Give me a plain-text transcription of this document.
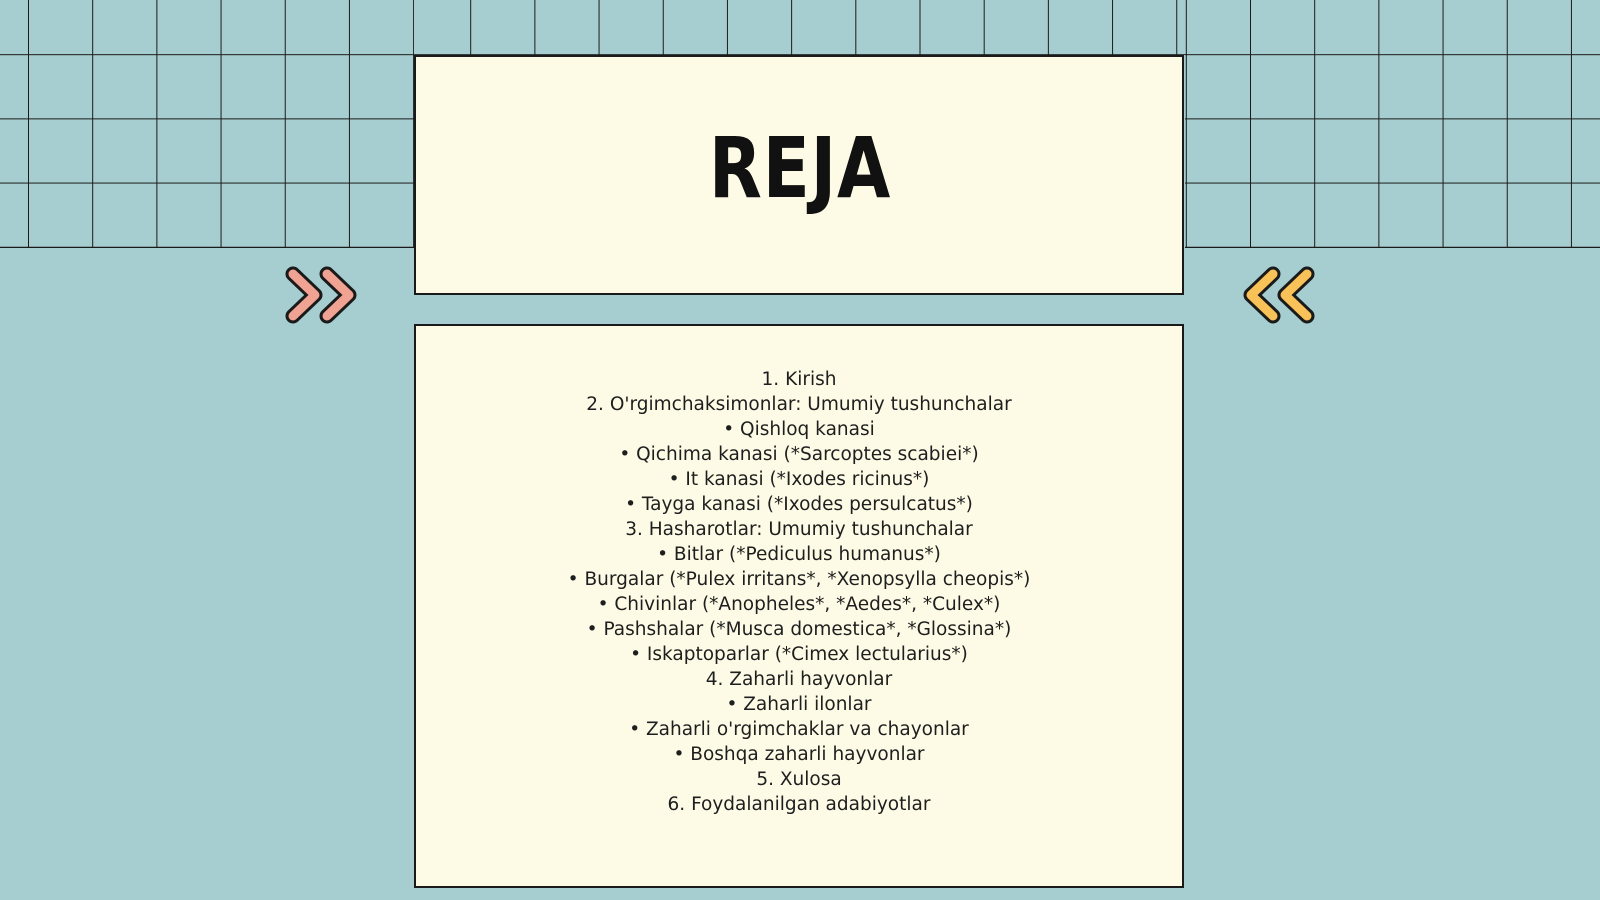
REJA
1. Kirish
2. O'rgimchaksimonlar: Umumiy tushunchalar
• Qishloq kanasi
• Qichima kanasi (*Sarcoptes scabiei*)
• It kanasi (*Ixodes ricinus*)
• Tayga kanasi (*Ixodes persulcatus*)
3. Hasharotlar: Umumiy tushunchalar
• Bitlar (*Pediculus humanus*)
• Burgalar (*Pulex irritans*, *Xenopsylla cheopis*)
• Chivinlar (*Anopheles*, *Aedes*, *Culex*)
• Pashshalar (*Musca domestica*, *Glossina*)
• Iskaptoparlar (*Cimex lectularius*)
4. Zaharli hayvonlar
• Zaharli ilonlar
• Zaharli o'rgimchaklar va chayonlar
• Boshqa zaharli hayvonlar
5. Xulosa
6. Foydalanilgan adabiyotlar
